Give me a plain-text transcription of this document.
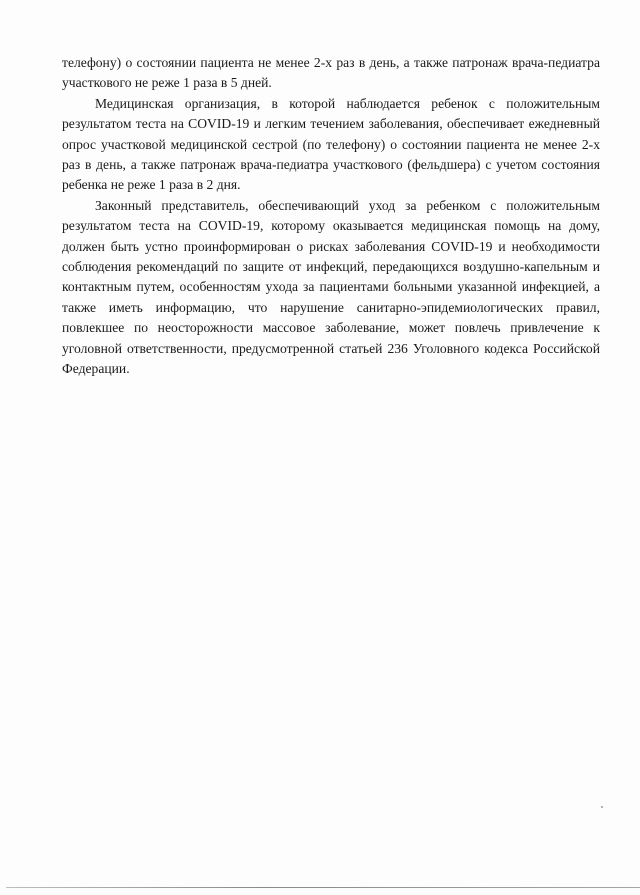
телефону) о состоянии пациента не менее 2-х раз в день, а также патронаж врача-педиатра участкового не реже 1 раза в 5 дней.

Медицинская организация, в которой наблюдается ребенок с положительным результатом теста на COVID-19 и легким течением заболевания, обеспечивает ежедневный опрос участковой медицинской сестрой (по телефону) о состоянии пациента не менее 2-х раз в день, а также патронаж врача-педиатра участкового (фельдшера) с учетом состояния ребенка не реже 1 раза в 2 дня.

Законный представитель, обеспечивающий уход за ребенком с положительным результатом теста на COVID-19, которому оказывается медицинская помощь на дому, должен быть устно проинформирован о рисках заболевания COVID-19 и необходимости соблюдения рекомендаций по защите от инфекций, передающихся воздушно-капельным и контактным путем, особенностям ухода за пациентами больными указанной инфекцией, а также иметь информацию, что нарушение санитарно-эпидемиологических правил, повлекшее по неосторожности массовое заболевание, может повлечь привлечение к уголовной ответственности, предусмотренной статьей 236 Уголовного кодекса Российской Федерации.
